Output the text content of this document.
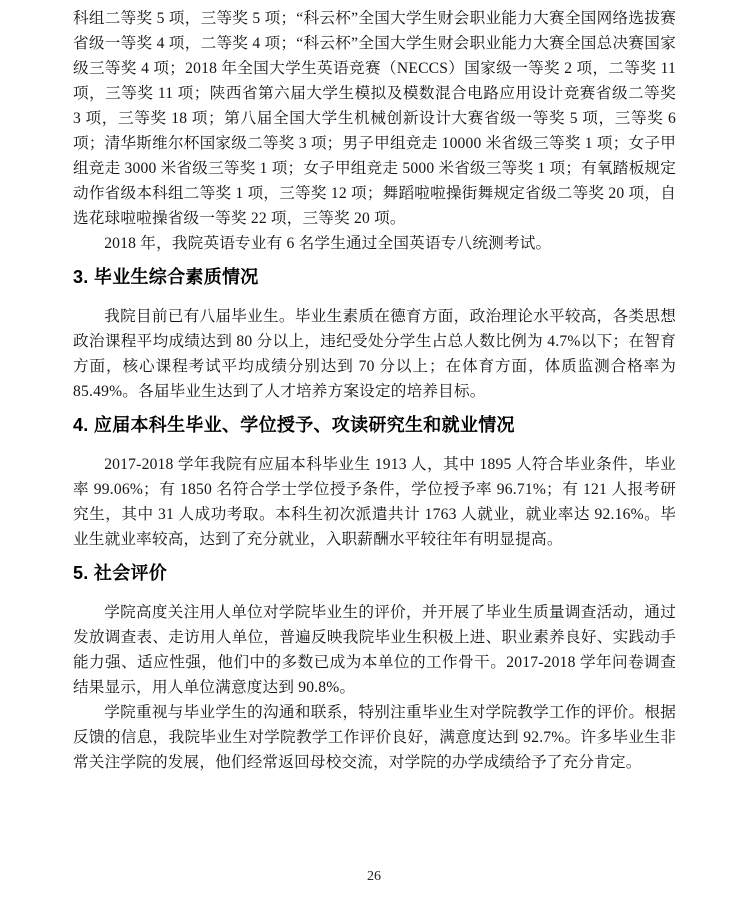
科组二等奖 5 项，三等奖 5 项；“科云杯”全国大学生财会职业能力大赛全国网络选拔赛省级一等奖 4 项，二等奖 4 项；“科云杯”全国大学生财会职业能力大赛全国总决赛国家级三等奖 4 项；2018 年全国大学生英语竞赛（NECCS）国家级一等奖 2 项，二等奖 11 项，三等奖 11 项；陕西省第六届大学生模拟及模数混合电路应用设计竞赛省级二等奖 3 项，三等奖 18 项；第八届全国大学生机械创新设计大赛省级一等奖 5 项，三等奖 6 项；清华斯维尔杯国家级二等奖 3 项；男子甲组竞走 10000 米省级三等奖 1 项；女子甲组竞走 3000 米省级三等奖 1 项；女子甲组竞走 5000 米省级三等奖 1 项；有氧踏板规定动作省级本科组二等奖 1 项，三等奖 12 项；舞蹈啦啦操街舞规定省级二等奖 20 项，自选花球啦啦操省级一等奖 22 项，三等奖 20 项。

2018 年，我院英语专业有 6 名学生通过全国英语专八统测考试。

3. 毕业生综合素质情况

我院目前已有八届毕业生。毕业生素质在德育方面，政治理论水平较高，各类思想政治课程平均成绩达到 80 分以上，违纪受处分学生占总人数比例为 4.7%以下；在智育方面，核心课程考试平均成绩分别达到 70 分以上；在体育方面，体质监测合格率为 85.49%。各届毕业生达到了人才培养方案设定的培养目标。

4. 应届本科生毕业、学位授予、攻读研究生和就业情况

2017-2018 学年我院有应届本科毕业生 1913 人，其中 1895 人符合毕业条件，毕业率 99.06%；有 1850 名符合学士学位授予条件，学位授予率 96.71%；有 121 人报考研究生，其中 31 人成功考取。本科生初次派遣共计 1763 人就业，就业率达 92.16%。毕业生就业率较高，达到了充分就业，入职薪酬水平较往年有明显提高。

5. 社会评价

学院高度关注用人单位对学院毕业生的评价，并开展了毕业生质量调查活动，通过发放调查表、走访用人单位，普遍反映我院毕业生积极上进、职业素养良好、实践动手能力强、适应性强，他们中的多数已成为本单位的工作骨干。2017-2018 学年问卷调查结果显示，用人单位满意度达到 90.8%。

学院重视与毕业学生的沟通和联系，特别注重毕业生对学院教学工作的评价。根据反馈的信息，我院毕业生对学院教学工作评价良好，满意度达到 92.7%。许多毕业生非常关注学院的发展，他们经常返回母校交流，对学院的办学成绩给予了充分肯定。

26
